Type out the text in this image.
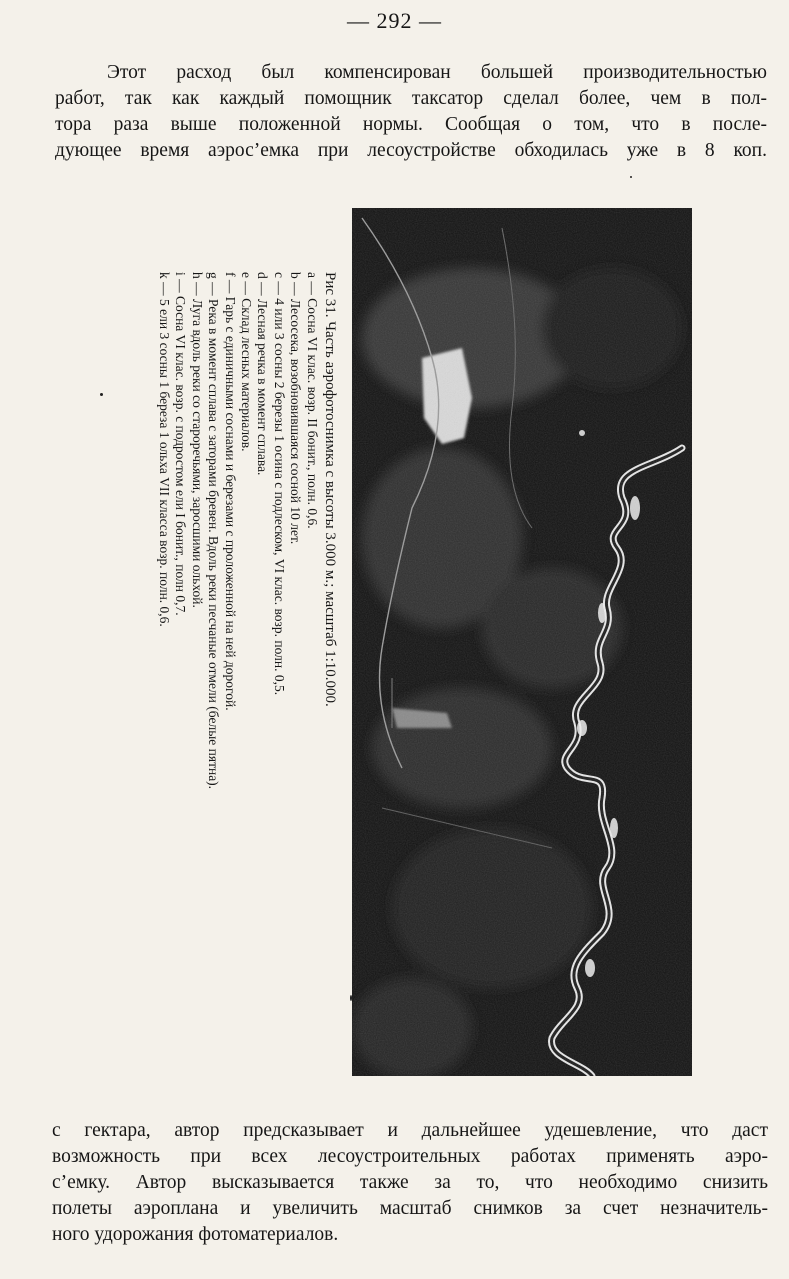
— 292 —
Этот расход был компенсирован большей производительностью
работ, так как каждый помощник таксатор сделал более, чем в пол-
тора раза выше положенной нормы. Сообщая о том, что в после-
дующее время аэрос’емка при лесоустройстве обходилась уже в 8 коп.
Рис 31. Часть аэрофотоснимка с высоты 3.000 м.; масштаб 1:10.000.
a — Сосна VI клас. возр. II бонит., полн. 0,6.
b — Лесосека, возобновившаяся сосной 10 лет.
c — 4 или 3 сосны 2 березы 1 осина с подлеском, VI клас. возр. полн. 0,5.
d — Лесная речка в момент сплава.
e — Склад лесных материалов.
f — Гарь с единичными соснами и березами с проложенной на ней дорогой.
g — Река в момент сплава с заторами бревен. Вдоль реки песчаные отмели (белые пятна).
h — Луга вдоль реки со староречьями, заросшими ольхой.
i — Сосна VI клас. возр. с подростом ели I бонит., полн 0,7.
k — 5 ели 3 сосны 1 береза 1 ольха VII класса возр. полн. 0,6.
с гектара, автор предсказывает и дальнейшее удешевление, что даст
возможность при всех лесоустроительных работах применять аэро-
с’емку. Автор высказывается также за то, что необходимо снизить
полеты аэроплана и увеличить масштаб снимков за счет незначитель-
ного удорожания фотоматериалов.
